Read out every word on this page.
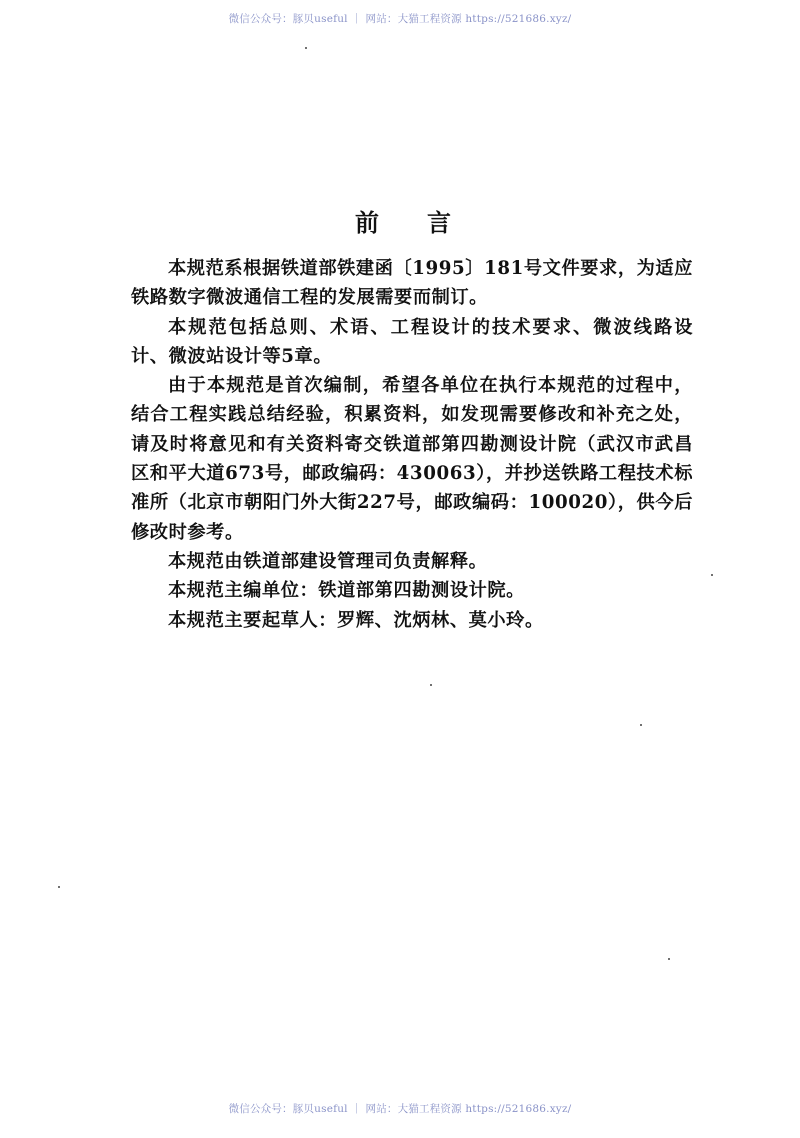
微信公众号：豚贝useful ｜ 网站：大猫工程资源 https://521686.xyz/
前 言

本规范系根据铁道部铁建函〔1995〕181号文件要求，为适应铁路数字微波通信工程的发展需要而制订。

本规范包括总则、术语、工程设计的技术要求、微波线路设计、微波站设计等5章。

由于本规范是首次编制，希望各单位在执行本规范的过程中，结合工程实践总结经验，积累资料，如发现需要修改和补充之处，请及时将意见和有关资料寄交铁道部第四勘测设计院（武汉市武昌区和平大道673号，邮政编码：430063），并抄送铁路工程技术标准所（北京市朝阳门外大街227号，邮政编码：100020），供今后修改时参考。

本规范由铁道部建设管理司负责解释。

本规范主编单位：铁道部第四勘测设计院。

本规范主要起草人：罗辉、沈炳林、莫小玲。

微信公众号：豚贝useful ｜ 网站：大猫工程资源 https://521686.xyz/
